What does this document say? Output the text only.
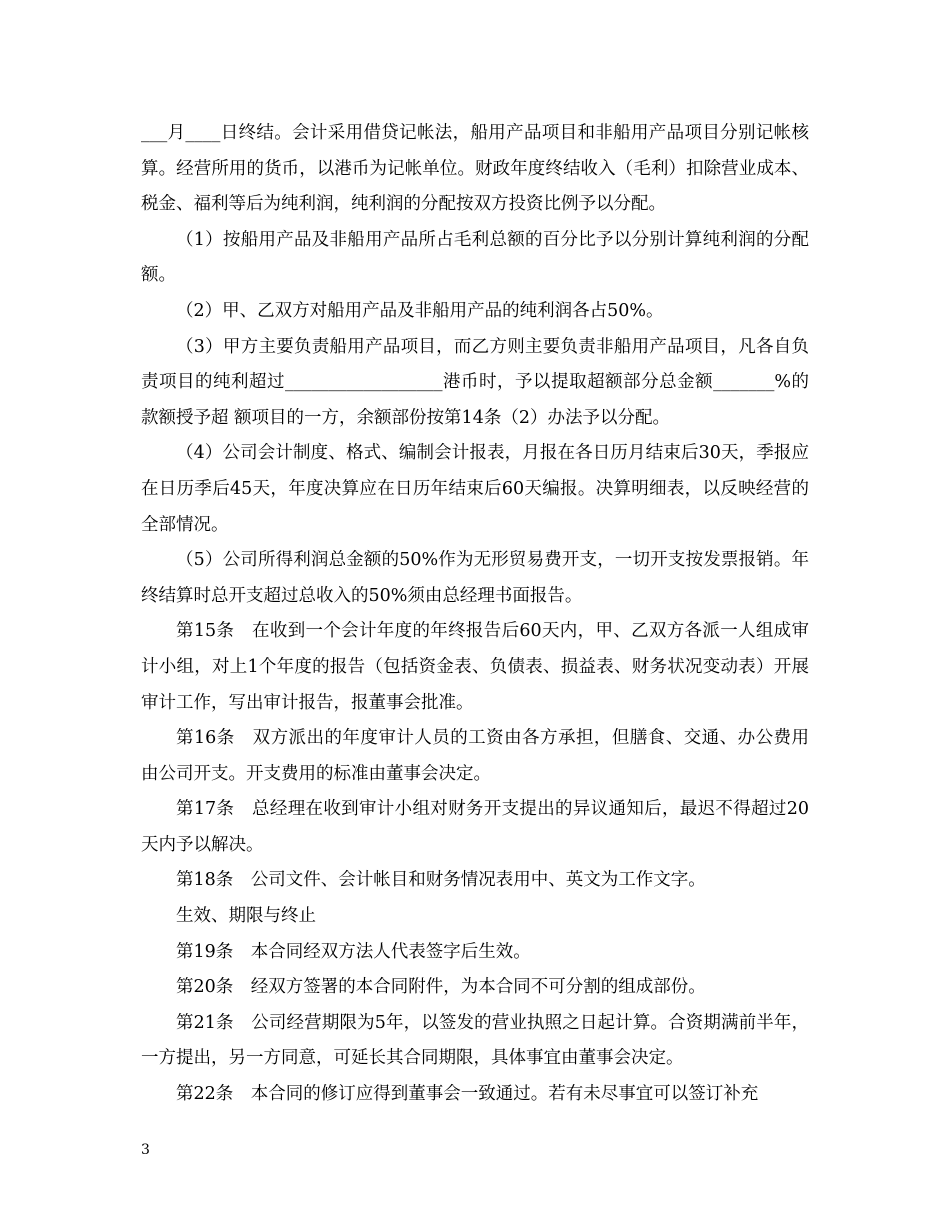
___月____日终结。会计采用借贷记帐法，船用产品项目和非船用产品项目分别记帐核算。经营所用的货币，以港币为记帐单位。财政年度终结收入（毛利）扣除营业成本、税金、福利等后为纯利润，纯利润的分配按双方投资比例予以分配。

（1）按船用产品及非船用产品所占毛利总额的百分比予以分别计算纯利润的分配额。

（2）甲、乙双方对船用产品及非船用产品的纯利润各占50%。

（3）甲方主要负责船用产品项目，而乙方则主要负责非船用产品项目，凡各自负责项目的纯利超过__________________港币时，予以提取超额部分总金额_______%的款额授予超 额项目的一方，余额部份按第14条（2）办法予以分配。

（4）公司会计制度、格式、编制会计报表，月报在各日历月结束后30天，季报应在日历季后45天，年度决算应在日历年结束后60天编报。决算明细表，以反映经营的全部情况。

（5）公司所得利润总金额的50%作为无形贸易费开支，一切开支按发票报销。年终结算时总开支超过总收入的50%须由总经理书面报告。

第15条　在收到一个会计年度的年终报告后60天内，甲、乙双方各派一人组成审计小组，对上1个年度的报告（包括资金表、负债表、损益表、财务状况变动表）开展审计工作，写出审计报告，报董事会批准。

第16条　双方派出的年度审计人员的工资由各方承担，但膳食、交通、办公费用由公司开支。开支费用的标准由董事会决定。

第17条　总经理在收到审计小组对财务开支提出的异议通知后，最迟不得超过20天内予以解决。

第18条　公司文件、会计帐目和财务情况表用中、英文为工作文字。

生效、期限与终止

第19条　本合同经双方法人代表签字后生效。

第20条　经双方签署的本合同附件，为本合同不可分割的组成部份。

第21条　公司经营期限为5年，以签发的营业执照之日起计算。合资期满前半年，一方提出，另一方同意，可延长其合同期限，具体事宜由董事会决定。

第22条　本合同的修订应得到董事会一致通过。若有未尽事宜可以签订补充

3
